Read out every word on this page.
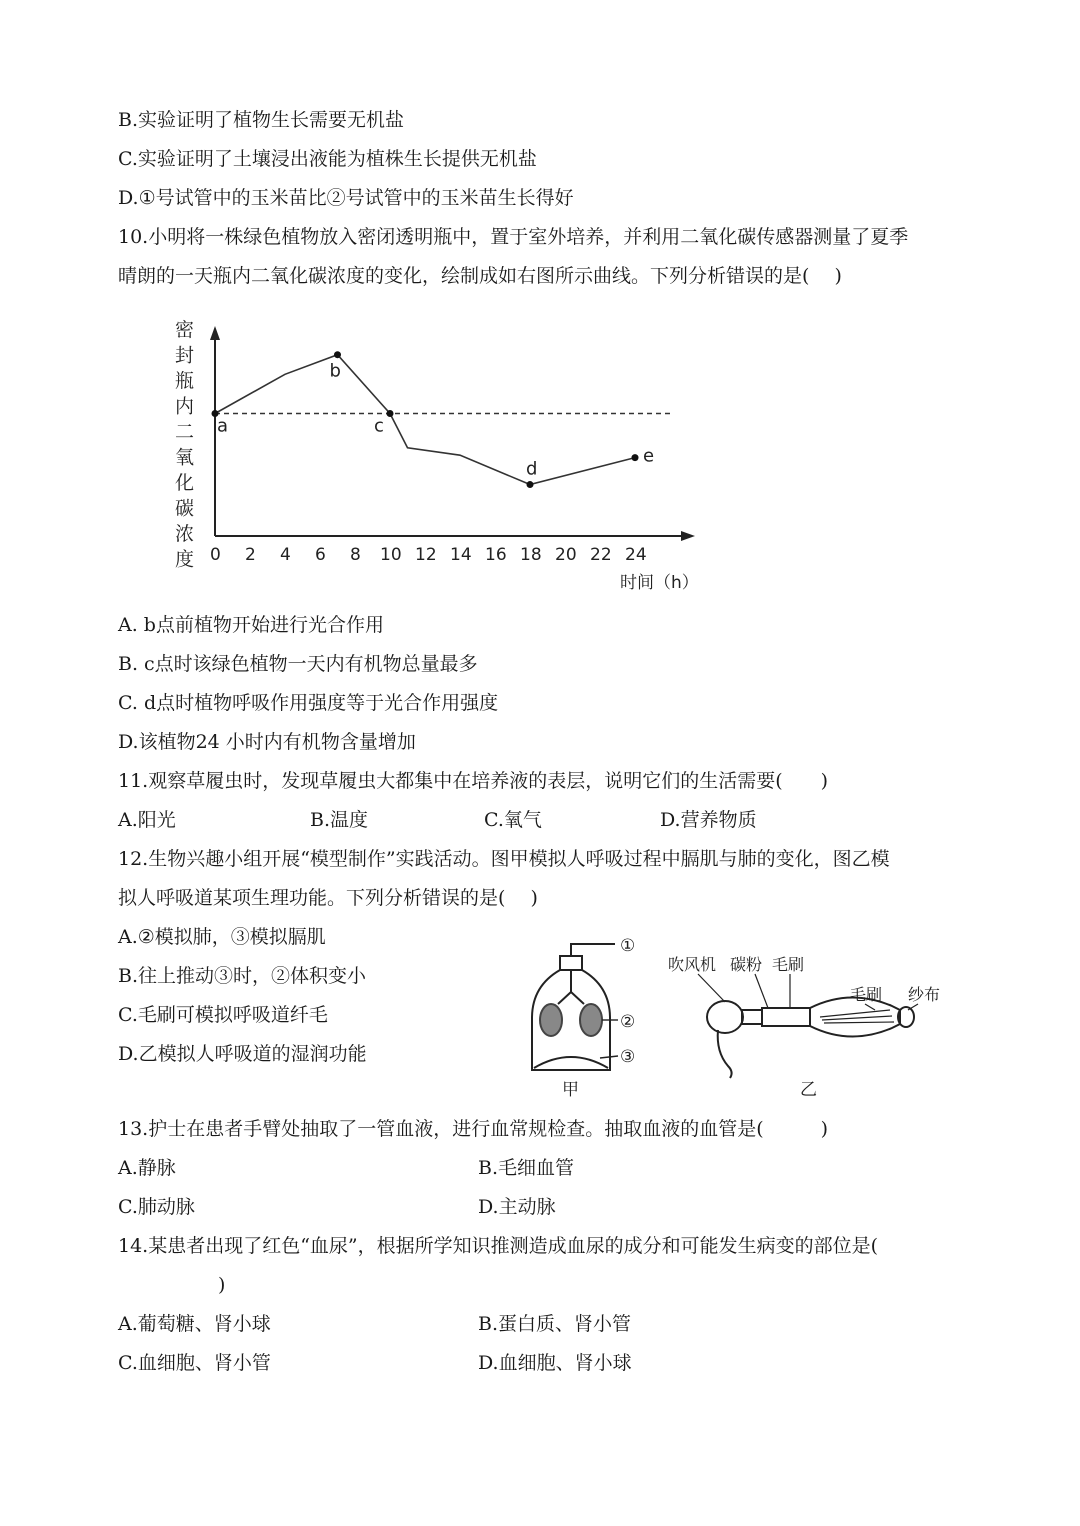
B.实验证明了植物生长需要无机盐
C.实验证明了土壤浸出液能为植株生长提供无机盐
D.①号试管中的玉米苗比②号试管中的玉米苗生长得好
10.小明将一株绿色植物放入密闭透明瓶中，置于室外培养，并利用二氧化碳传感器测量了夏季
晴朗的一天瓶内二氧化碳浓度的变化，绘制成如右图所示曲线。下列分析错误的是(　 )
密
封
瓶
内
二
氧
化
碳
浓
度 0 2 4 6 8 10 12 14 16 18 20 22 24
时间（h）
a
b
c
d
e
A. b点前植物开始进行光合作用
B. c点时该绿色植物一天内有机物总量最多
C. d点时植物呼吸作用强度等于光合作用强度
D.该植物24 小时内有机物含量增加
11.观察草履虫时，发现草履虫大都集中在培养液的表层，说明它们的生活需要(　　)
A.阳光	B.温度	C.氧气	D.营养物质
12.生物兴趣小组开展“模型制作”实践活动。图甲模拟人呼吸过程中膈肌与肺的变化，图乙模
拟人呼吸道某项生理功能。下列分析错误的是(　 )
A.②模拟肺，③模拟膈肌
B.往上推动③时，②体积变小
C.毛刷可模拟呼吸道纤毛
D.乙模拟人呼吸道的湿润功能
①
②
③
甲
吹风机 碳粉 毛刷
毛刷 纱布
乙
13.护士在患者手臂处抽取了一管血液，进行血常规检查。抽取血液的血管是(　　　)
A.静脉	B.毛细血管
C.肺动脉	D.主动脉
14.某患者出现了红色“血尿”，根据所学知识推测造成血尿的成分和可能发生病变的部位是(
)
A.葡萄糖、肾小球	B.蛋白质、肾小管
C.血细胞、肾小管	D.血细胞、肾小球
